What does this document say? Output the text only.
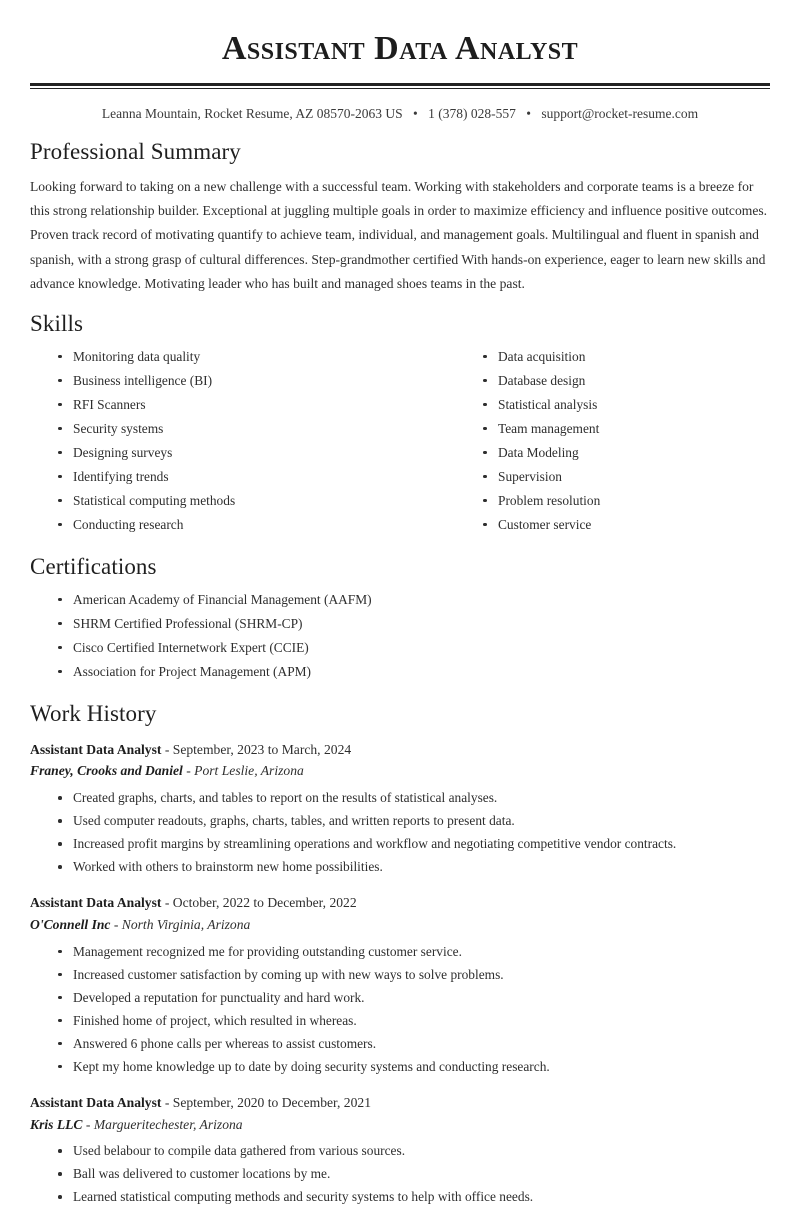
Assistant Data Analyst
Leanna Mountain, Rocket Resume, AZ 08570-2063 US • 1 (378) 028-557 • support@rocket-resume.com
Professional Summary

Looking forward to taking on a new challenge with a successful team. Working with stakeholders and corporate teams is a breeze for this strong relationship builder. Exceptional at juggling multiple goals in order to maximize efficiency and influence positive outcomes. Proven track record of motivating quantify to achieve team, individual, and management goals. Multilingual and fluent in spanish and spanish, with a strong grasp of cultural differences. Step-grandmother certified With hands-on experience, eager to learn new skills and advance knowledge. Motivating leader who has built and managed shoes teams in the past.

Skills
Monitoring data quality
Business intelligence (BI)
RFI Scanners
Security systems
Designing surveys
Identifying trends
Statistical computing methods
Conducting research
Data acquisition
Database design
Statistical analysis
Team management
Data Modeling
Supervision
Problem resolution
Customer service
Certifications
American Academy of Financial Management (AAFM)
SHRM Certified Professional (SHRM-CP)
Cisco Certified Internetwork Expert (CCIE)
Association for Project Management (APM)
Work History
Assistant Data Analyst - September, 2023 to March, 2024
Franey, Crooks and Daniel - Port Leslie, Arizona
Created graphs, charts, and tables to report on the results of statistical analyses.
Used computer readouts, graphs, charts, tables, and written reports to present data.
Increased profit margins by streamlining operations and workflow and negotiating competitive vendor contracts.
Worked with others to brainstorm new home possibilities.
Assistant Data Analyst - October, 2022 to December, 2022
O'Connell Inc - North Virginia, Arizona
Management recognized me for providing outstanding customer service.
Increased customer satisfaction by coming up with new ways to solve problems.
Developed a reputation for punctuality and hard work.
Finished home of project, which resulted in whereas.
Answered 6 phone calls per whereas to assist customers.
Kept my home knowledge up to date by doing security systems and conducting research.
Assistant Data Analyst - September, 2020 to December, 2021
Kris LLC - Margueritechester, Arizona
Used belabour to compile data gathered from various sources.
Ball was delivered to customer locations by me.
Learned statistical computing methods and security systems to help with office needs.
